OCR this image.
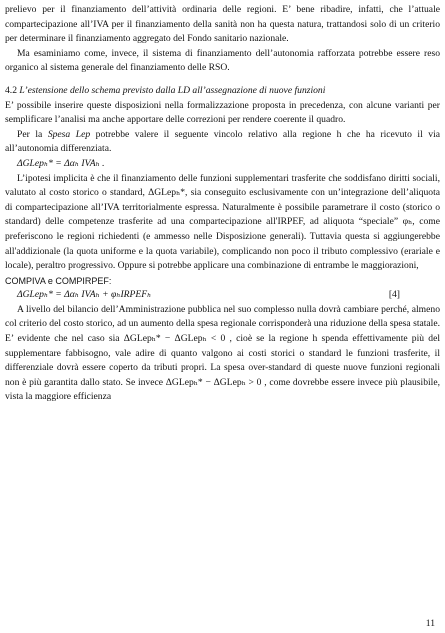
prelievo per il finanziamento dell’attività ordinaria delle regioni. E’ bene ribadire, infatti, che l’attuale compartecipazione all’IVA per il finanziamento della sanità non ha questa natura, trattandosi solo di un criterio per determinare il finanziamento aggregato del Fondo sanitario nazionale.

Ma esaminiamo come, invece, il sistema di finanziamento dell’autonomia rafforzata potrebbe essere reso organico al sistema generale del finanziamento delle RSO.

4.2 L’estensione dello schema previsto dalla LD all’assegnazione di nuove funzioni

E’ possibile inserire queste disposizioni nella formalizzazione proposta in precedenza, con alcune varianti per semplificare l’analisi ma anche apportare delle correzioni per rendere coerente il quadro.

Per la Spesa Lep potrebbe valere il seguente vincolo relativo alla regione h che ha ricevuto il via all’autonomia differenziata.

ΔGLepₕ* = Δαₕ IVAₕ .

L’ipotesi implicita è che il finanziamento delle funzioni supplementari trasferite che soddisfano diritti sociali, valutato al costo storico o standard, ΔGLepₕ*, sia conseguito esclusivamente con un’integrazione dell’aliquota di compartecipazione all’IVA territorialmente espressa. Naturalmente è possibile parametrare il costo (storico o standard) delle competenze trasferite ad una compartecipazione all'IRPEF, ad aliquota “speciale” φₕ, come preferiscono le regioni richiedenti (e ammesso nelle Disposizione generali). Tuttavia questa si aggiungerebbe all'addizionale (la quota uniforme e la quota variabile), complicando non poco il tributo complessivo (erariale e locale), peraltro progressivo. Oppure si potrebbe applicare una combinazione di entrambe le maggiorazioni,

COMPIVA e COMPIRPEF:

ΔGLepₕ* = Δαₕ IVAₕ + φₕIRPEFₕ	[4]

A livello del bilancio dell’Amministrazione pubblica nel suo complesso nulla dovrà cambiare perché, almeno col criterio del costo storico, ad un aumento della spesa regionale corrisponderà una riduzione della spesa statale. E’ evidente che nel caso sia ΔGLepₕ* − ΔGLepₕ < 0 , cioè se la regione h spenda effettivamente più del supplementare fabbisogno, vale adire di quanto valgono ai costi storici o standard le funzioni trasferite, il differenziale dovrà essere coperto da tributi propri. La spesa over-standard di queste nuove funzioni regionali non è più garantita dallo stato. Se invece ΔGLepₕ* − ΔGLepₕ > 0 , come dovrebbe essere invece più plausibile, vista la maggiore efficienza

11
